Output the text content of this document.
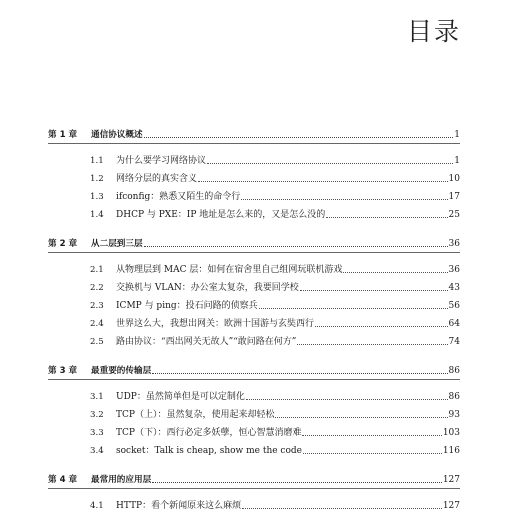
目录
第 1 章	通信协议概述	1
1.1	为什么要学习网络协议	1
1.2	网络分层的真实含义	10
1.3	ifconfig：熟悉又陌生的命令行	17
1.4	DHCP 与 PXE：IP 地址是怎么来的，又是怎么没的	25
第 2 章	从二层到三层	36
2.1	从物理层到 MAC 层：如何在宿舍里自己组网玩联机游戏	36
2.2	交换机与 VLAN：办公室太复杂，我要回学校	43
2.3	ICMP 与 ping：投石问路的侦察兵	56
2.4	世界这么大，我想出网关：欧洲十国游与玄奘西行	64
2.5	路由协议：“西出网关无故人”“敢问路在何方”	74
第 3 章	最重要的传输层	86
3.1	UDP：虽然简单但是可以定制化	86
3.2	TCP（上）：虽然复杂，使用起来却轻松	93
3.3	TCP（下）：西行必定多妖孽，恒心智慧消磨难	103
3.4	socket：Talk is cheap, show me the code	116
第 4 章	最常用的应用层	127
4.1	HTTP：看个新闻原来这么麻烦	127
